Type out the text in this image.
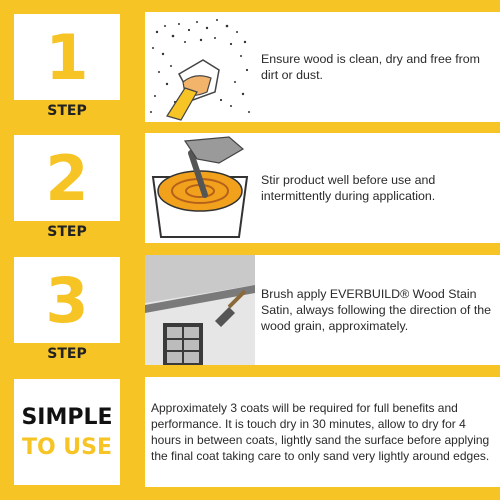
1
STEP
Ensure wood is clean, dry and free from dirt or dust.
2
STEP
Stir product well before use and intermittently during application.
3
STEP
Brush apply EVERBUILD® Wood Stain Satin, always following the direction of the wood grain, approximately.
SIMPLE
TO USE
Approximately 3 coats will be required for full benefits and performance. It is touch dry in 30 minutes, allow to dry for 4 hours in between coats, lightly sand the surface before applying the final coat taking care to only sand very lightly around edges.
